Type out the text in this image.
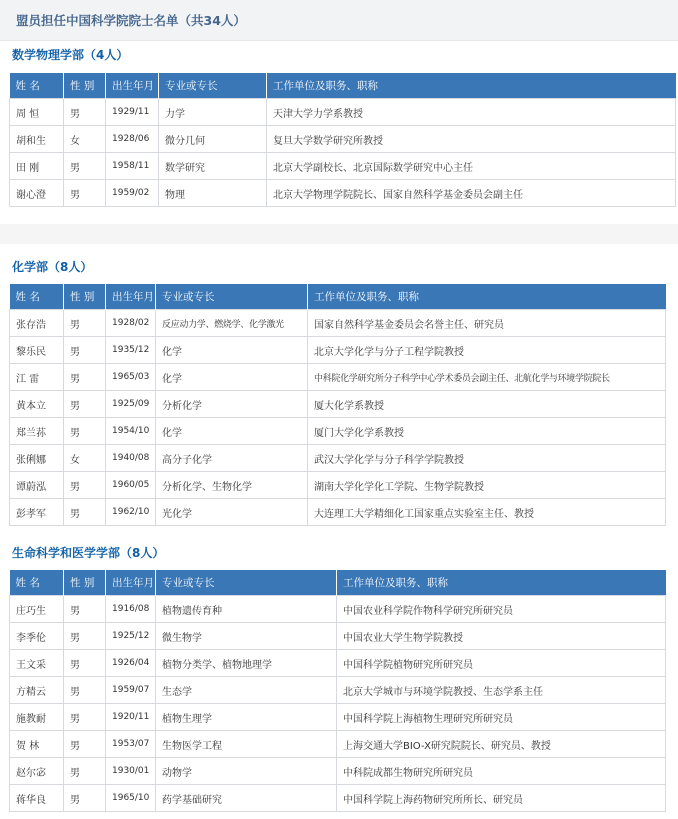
盟员担任中国科学院院士名单（共34人）
数学物理学部（4人）
姓 名	性 别	出生年月	专业或专长	工作单位及职务、职称
周 恒	男	1929/11	力学	天津大学力学系教授
胡和生	女	1928/06	微分几何	复旦大学数学研究所教授
田 刚	男	1958/11	数学研究	北京大学副校长、北京国际数学研究中心主任
谢心澄	男	1959/02	物理	北京大学物理学院院长、国家自然科学基金委员会副主任
化学部（8人）
姓 名	性 别	出生年月	专业或专长	工作单位及职务、职称
张存浩	男	1928/02	反应动力学、燃烧学、化学激光	国家自然科学基金委员会名誉主任、研究员
黎乐民	男	1935/12	化学	北京大学化学与分子工程学院教授
江 雷	男	1965/03	化学	中科院化学研究所分子科学中心学术委员会副主任、北航化学与环境学院院长
黄本立	男	1925/09	分析化学	厦大化学系教授
郑兰荪	男	1954/10	化学	厦门大学化学系教授
张俐娜	女	1940/08	高分子化学	武汉大学化学与分子科学学院教授
谭蔚泓	男	1960/05	分析化学、生物化学	湖南大学化学化工学院、生物学院教授
彭孝军	男	1962/10	光化学	大连理工大学精细化工国家重点实验室主任、教授
生命科学和医学学部（8人）
姓 名	性 别	出生年月	专业或专长	工作单位及职务、职称
庄巧生	男	1916/08	植物遗传育种	中国农业科学院作物科学研究所研究员
李季伦	男	1925/12	微生物学	中国农业大学生物学院教授
王文采	男	1926/04	植物分类学、植物地理学	中国科学院植物研究所研究员
方精云	男	1959/07	生态学	北京大学城市与环境学院教授、生态学系主任
施教耐	男	1920/11	植物生理学	中国科学院上海植物生理研究所研究员
贺 林	男	1953/07	生物医学工程	上海交通大学BIO-X研究院院长、研究员、教授
赵尔宓	男	1930/01	动物学	中科院成都生物研究所研究员
蒋华良	男	1965/10	药学基础研究	中国科学院上海药物研究所所长、研究员
